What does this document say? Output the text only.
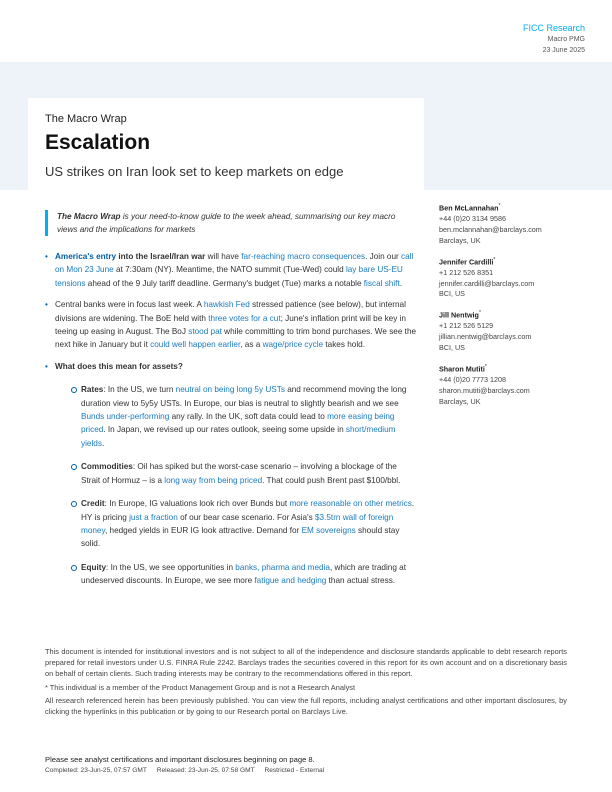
FICC Research
Macro PMG
23 June 2025
The Macro Wrap
Escalation
US strikes on Iran look set to keep markets on edge
The Macro Wrap is your need-to-know guide to the week ahead, summarising our key macro views and the implications for markets
• America's entry into the Israel/Iran war will have far-reaching macro consequences. Join our call on Mon 23 June at 7:30am (NY). Meantime, the NATO summit (Tue-Wed) could lay bare US-EU tensions ahead of the 9 July tariff deadline. Germany's budget (Tue) marks a notable fiscal shift.
• Central banks were in focus last week. A hawkish Fed stressed patience (see below), but internal divisions are widening. The BoE held with three votes for a cut; June's inflation print will be key in teeing up easing in August. The BoJ stood pat while committing to trim bond purchases. We see the next hike in January but it could well happen earlier, as a wage/price cycle takes hold.
• What does this mean for assets?
Rates: In the US, we turn neutral on being long 5y USTs and recommend moving the long duration view to 5y5y USTs. In Europe, our bias is neutral to slightly bearish and we see Bunds under-performing any rally. In the UK, soft data could lead to more easing being priced. In Japan, we revised up our rates outlook, seeing some upside in short/medium yields.
Commodities: Oil has spiked but the worst-case scenario – involving a blockage of the Strait of Hormuz – is a long way from being priced. That could push Brent past $100/bbl.
Credit: In Europe, IG valuations look rich over Bunds but more reasonable on other metrics. HY is pricing just a fraction of our bear case scenario. For Asia's $3.5trn wall of foreign money, hedged yields in EUR IG look attractive. Demand for EM sovereigns should stay solid.
Equity: In the US, we see opportunities in banks, pharma and media, which are trading at undeserved discounts. In Europe, we see more fatigue and hedging than actual stress.
Ben McLannahan*
+44 (0)20 3134 9586
ben.mclannahan@barclays.com
Barclays, UK
Jennifer Cardilli*
+1 212 526 8351
jennifer.cardilli@barclays.com
BCI, US
Jill Nentwig*
+1 212 526 5129
jillian.nentwig@barclays.com
BCI, US
Sharon Mutiti*
+44 (0)20 7773 1208
sharon.mutiti@barclays.com
Barclays, UK

This document is intended for institutional investors and is not subject to all of the independence and disclosure standards applicable to debt research reports prepared for retail investors under U.S. FINRA Rule 2242. Barclays trades the securities covered in this report for its own account and on a discretionary basis on behalf of certain clients. Such trading interests may be contrary to the recommendations offered in this report.

* This individual is a member of the Product Management Group and is not a Research Analyst

All research referenced herein has been previously published. You can view the full reports, including analyst certifications and other important disclosures, by clicking the hyperlinks in this publication or by going to our Research portal on Barclays Live.

Please see analyst certifications and important disclosures beginning on page 8.
Completed: 23-Jun-25, 07:57 GMT Released: 23-Jun-25, 07:58 GMT Restricted - External
